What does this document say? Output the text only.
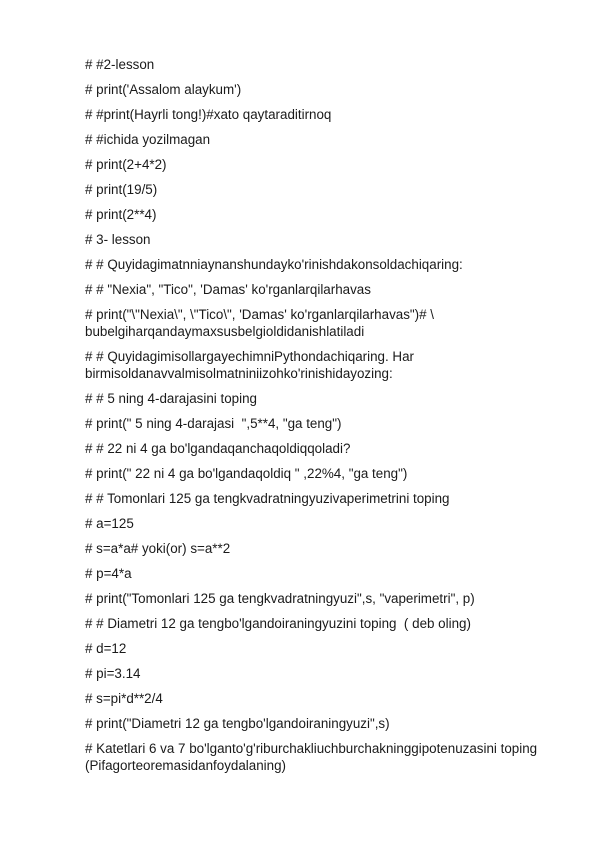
# #2-lesson
# print('Assalom alaykum')
# #print(Hayrli tong!)#xato qaytaraditirnoq
# #ichida yozilmagan
# print(2+4*2)
# print(19/5)
# print(2**4)
# 3- lesson
# # Quyidagimatnniaynanshundayko'rinishdakonsoldachiqaring:
# # "Nexia", "Tico", 'Damas' ko'rganlarqilarhavas
# print("\"Nexia\", \"Tico\", 'Damas' ko'rganlarqilarhavas")# \ bubelgiharqandaymaxsusbelgioldidanishlatiladi
# # QuyidagimisollargayechimniPythondachiqaring. Har birmisoldanavvalmisolmatniniizohko'rinishidayozing:
# # 5 ning 4-darajasini toping
# print(" 5 ning 4-darajasi  ",5**4, "ga teng")
# # 22 ni 4 ga bo'lgandaqanchaqoldiqqoladi?
# print(" 22 ni 4 ga bo'lgandaqoldiq " ,22%4, "ga teng")
# # Tomonlari 125 ga tengkvadratningyuzivaperimetrini toping
# a=125
# s=a*a# yoki(or) s=a**2
# p=4*a
# print("Tomonlari 125 ga tengkvadratningyuzi",s, "vaperimetri", p)
# # Diametri 12 ga tengbo'lgandoiraningyuzini toping  ( deb oling)
# d=12
# pi=3.14
# s=pi*d**2/4
# print("Diametri 12 ga tengbo'lgandoiraningyuzi",s)
# Katetlari 6 va 7 bo'lganto'g'riburchakliuchburchakninggipotenuzasini toping (Pifagorteoremasidanfoydalaning)
